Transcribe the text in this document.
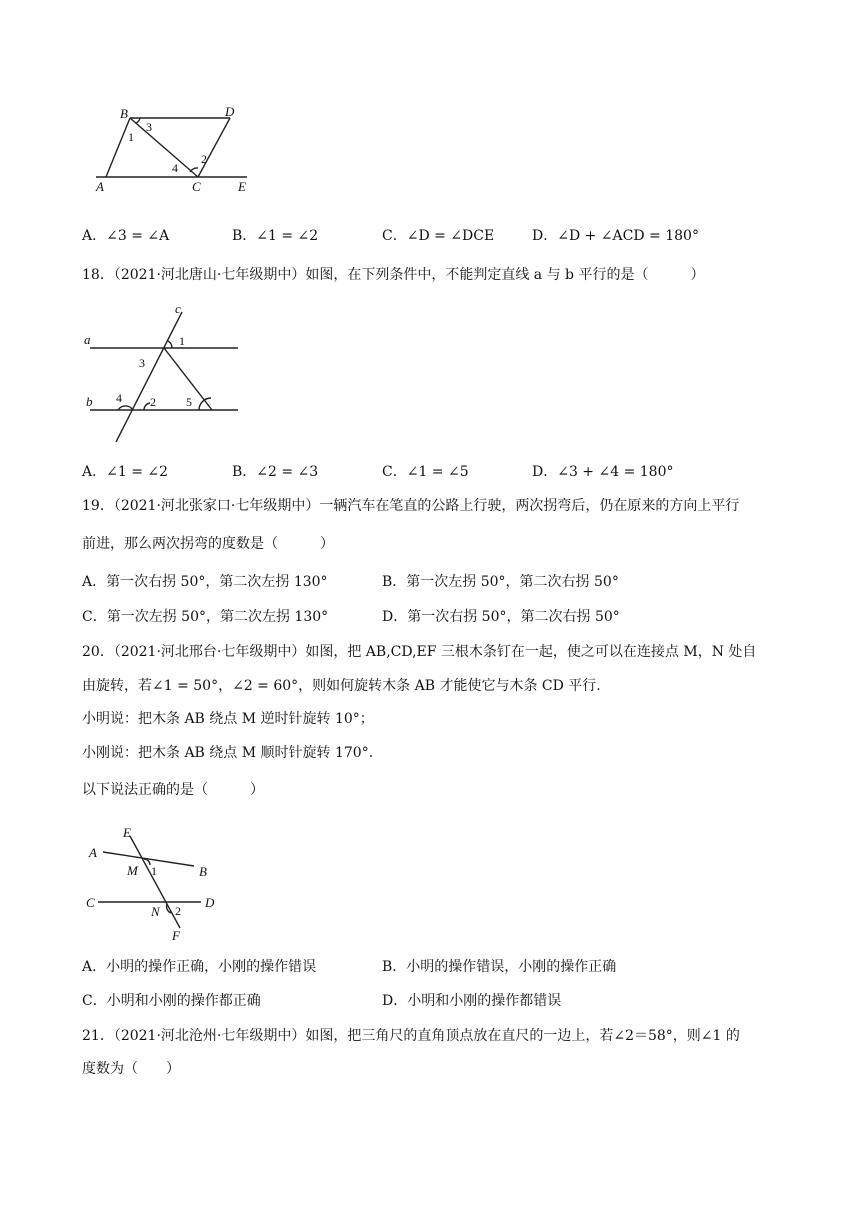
B	D
A	C	E
1
2
3
4
A．∠3 = ∠A	B．∠1 = ∠2	C．∠D = ∠DCE	D．∠D + ∠ACD = 180°
18．（2021·河北唐山·七年级期中）如图，在下列条件中，不能判定直线 a 与 b 平行的是（　　　）
a
b
c
1
2
3
4	5
A．∠1 = ∠2	B．∠2 = ∠3	C．∠1 = ∠5	D．∠3 + ∠4 = 180°
19．（2021·河北张家口·七年级期中）一辆汽车在笔直的公路上行驶，两次拐弯后，仍在原来的方向上平行
前进，那么两次拐弯的度数是（　　　）
A．第一次右拐 50°，第二次左拐 130°	B．第一次左拐 50°，第二次右拐 50°
C．第一次左拐 50°，第二次左拐 130°	D．第一次右拐 50°，第二次右拐 50°
20．（2021·河北邢台·七年级期中）如图，把 AB,CD,EF 三根木条钉在一起，使之可以在连接点 M，N 处自
由旋转，若∠1 = 50°，∠2 = 60°，则如何旋转木条 AB 才能使它与木条 CD 平行.
小明说：把木条 AB 绕点 M 逆时针旋转 10°；
小刚说：把木条 AB 绕点 M 顺时针旋转 170°.
以下说法正确的是（　　　）
E
A
M 1	B
C
N 2
D
F
A．小明的操作正确，小刚的操作错误	B．小明的操作错误，小刚的操作正确
C．小明和小刚的操作都正确	D．小明和小刚的操作都错误
21．（2021·河北沧州·七年级期中）如图，把三角尺的直角顶点放在直尺的一边上，若∠2＝58°，则∠1 的
度数为（　　）
